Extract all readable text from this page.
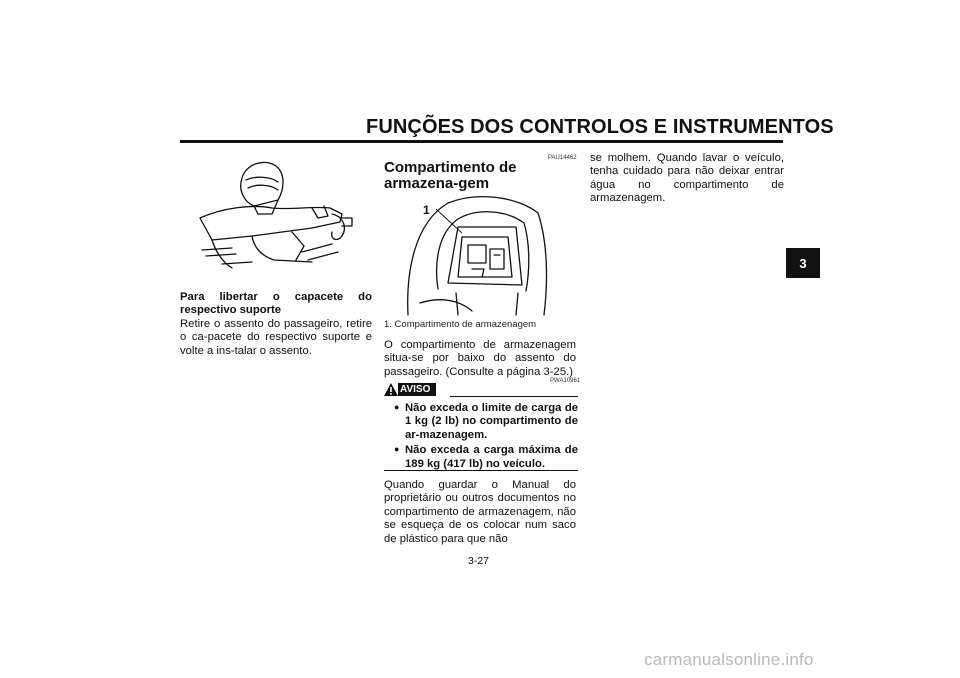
FUNÇÕES DOS CONTROLOS E INSTRUMENTOS
3
Para libertar o capacete do respectivo suporte
Retire o assento do passageiro, retire o ca-pacete do respectivo suporte e volte a ins-talar o assento.
PAU14462
Compartimento de armazena-gem
1
1. Compartimento de armazenagem
O compartimento de armazenagem situa-se por baixo do assento do passageiro. (Consulte a página 3-25.)
PWA10961
AVISO
● Não exceda o limite de carga de 1 kg (2 lb) no compartimento de ar-mazenagem.
● Não exceda a carga máxima de 189 kg (417 lb) no veículo.
Quando guardar o Manual do proprietário ou outros documentos no compartimento de armazenagem, não se esqueça de os colocar num saco de plástico para que não
se molhem. Quando lavar o veículo, tenha cuidado para não deixar entrar água no compartimento de armazenagem.
3-27
carmanualsonline.info
